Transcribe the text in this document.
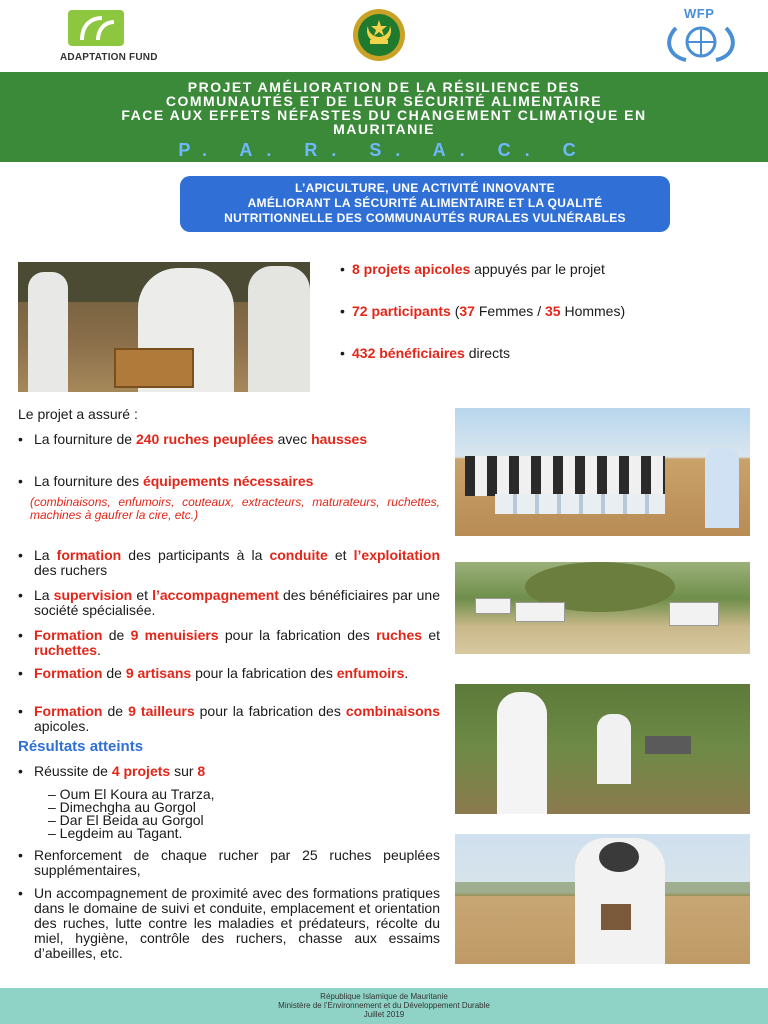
ADAPTATION FUND
WFP
PROJET AMÉLIORATION DE LA RÉSILIENCE DES
COMMUNAUTÉS ET DE LEUR SÉCURITÉ ALIMENTAIRE
FACE AUX EFFETS NÉFASTES DU CHANGEMENT CLIMATIQUE EN
MAURITANIE
P. A. R. S. A. C. C
L’APICULTURE, UNE ACTIVITÉ INNOVANTE
AMÉLIORANT LA SÉCURITÉ ALIMENTAIRE ET LA QUALITÉ
NUTRITIONNELLE DES COMMUNAUTÉS RURALES VULNÉRABLES
• 8 projets apicoles appuyés par le projet
• 72 participants (37 Femmes / 35 Hommes)
• 432 bénéficiaires directs
Le projet a assuré :
• La fourniture de 240 ruches peuplées avec hausses
• La fourniture des équipements nécessaires
(combinaisons, enfumoirs, couteaux, extracteurs, maturateurs, ruchettes, machines à gaufrer la cire, etc.)
• La formation des participants à la conduite et l’exploitation des ruchers
• La supervision et l’accompagnement des bénéficiaires par une société spécialisée.
• Formation de 9 menuisiers pour la fabrication des ruches et ruchettes.
• Formation de 9 artisans pour la fabrication des enfumoirs.
• Formation de 9 tailleurs pour la fabrication des combinaisons apicoles.
Résultats atteints
• Réussite de 4 projets sur 8
– Oum El Koura au Trarza,
– Dimechgha au Gorgol
– Dar El Beida au Gorgol
– Legdeim au Tagant.
• Renforcement de chaque rucher par 25 ruches peuplées supplémentaires,
• Un accompagnement de proximité avec des formations pratiques dans le domaine de suivi et conduite, emplacement et orientation des ruches, lutte contre les maladies et prédateurs, récolte du miel, hygiène, contrôle des ruchers, chasse aux essaims d’abeilles, etc.
République Islamique de Mauritanie
Ministère de l’Environnement et du Développement Durable
Juillet 2019
